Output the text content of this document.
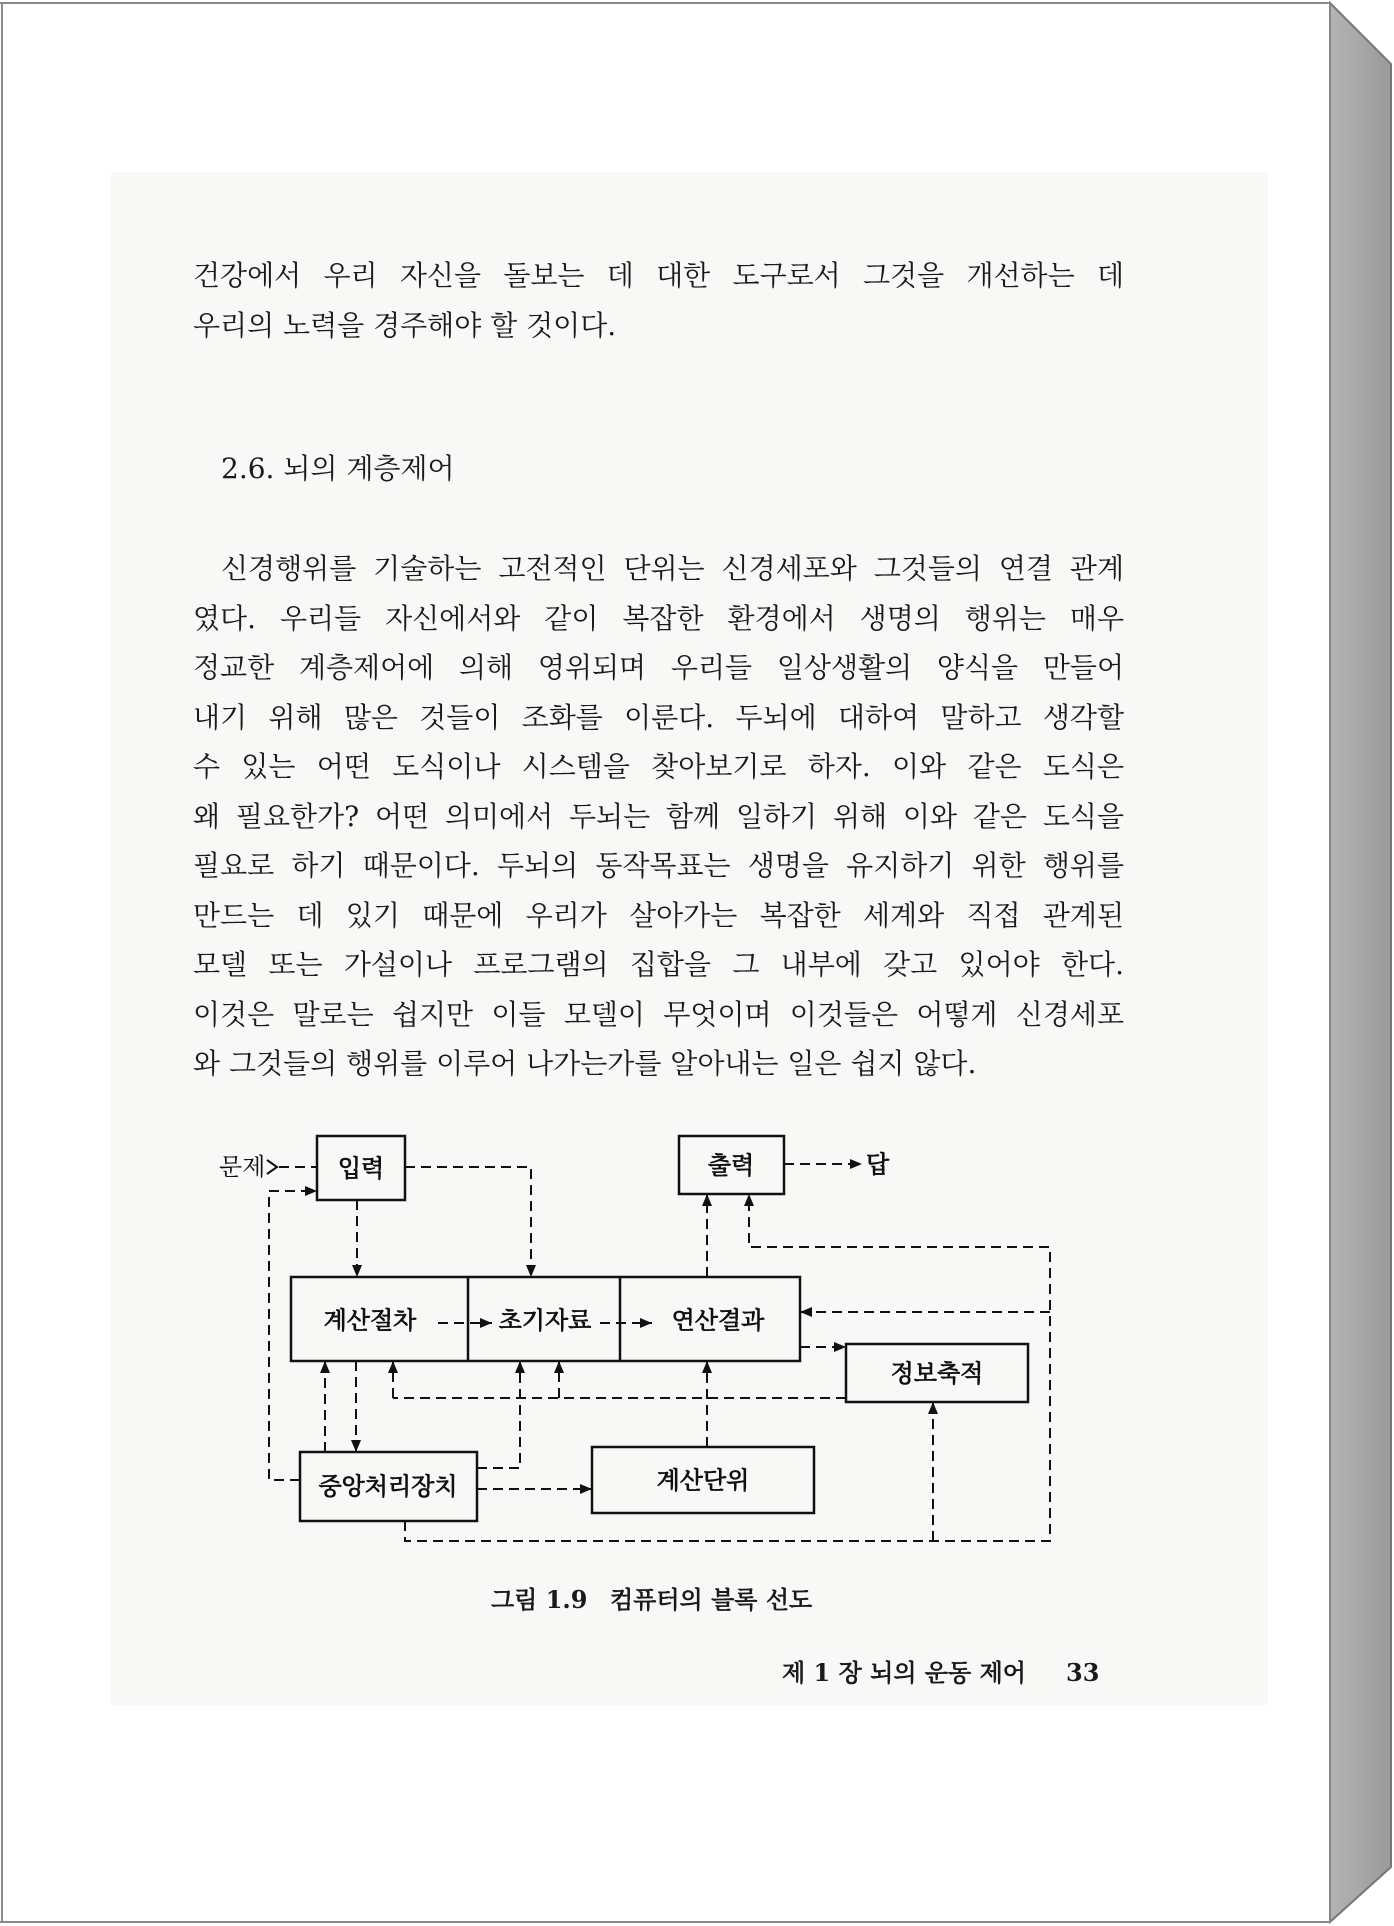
건강에서 우리 자신을 돌보는 데 대한 도구로서 그것을 개선하는 데
우리의 노력을 경주해야 할 것이다.
2.6. 뇌의 계층제어
신경행위를 기술하는 고전적인 단위는 신경세포와 그것들의 연결 관계
였다. 우리들 자신에서와 같이 복잡한 환경에서 생명의 행위는 매우
정교한 계층제어에 의해 영위되며 우리들 일상생활의 양식을 만들어
내기 위해 많은 것들이 조화를 이룬다. 두뇌에 대하여 말하고 생각할
수 있는 어떤 도식이나 시스템을 찾아보기로 하자. 이와 같은 도식은
왜 필요한가? 어떤 의미에서 두뇌는 함께 일하기 위해 이와 같은 도식을
필요로 하기 때문이다. 두뇌의 동작목표는 생명을 유지하기 위한 행위를
만드는 데 있기 때문에 우리가 살아가는 복잡한 세계와 직접 관계된
모델 또는 가설이나 프로그램의 집합을 그 내부에 갖고 있어야 한다.
이것은 말로는 쉽지만 이들 모델이 무엇이며 이것들은 어떻게 신경세포
와 그것들의 행위를 이루어 나가는가를 알아내는 일은 쉽지 않다.
문제	답
입력	출력
계산절차	초기자료	연산결과
정보축적
중앙처리장치	계산단위
그림 1.9 컴퓨터의 블록 선도
제 1 장 뇌의 운동 제어 33
